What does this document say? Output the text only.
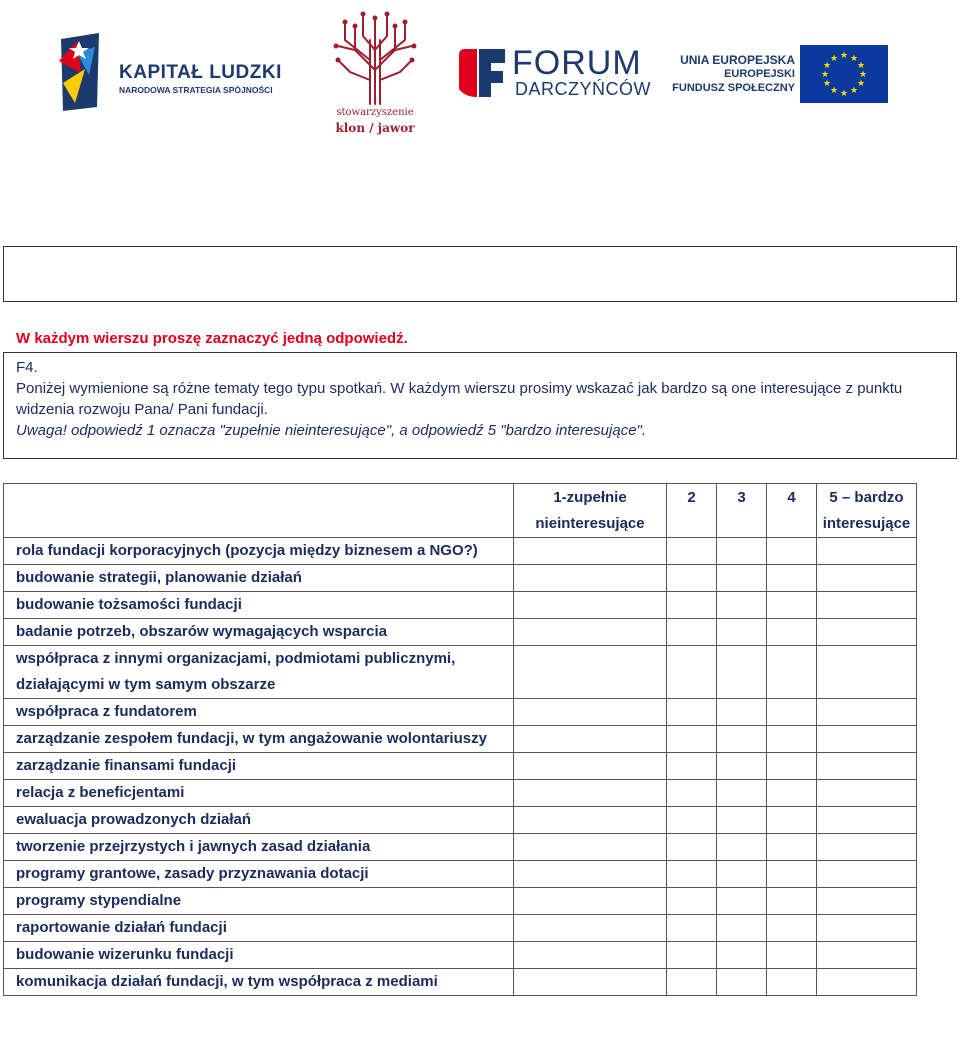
KAPITAŁ LUDZKI
NARODOWA STRATEGIA SPÓJNOŚCI
stowarzyszenie
klon / jawor
FORUM
DARCZYŃCÓW
UNIA EUROPEJSKA
EUROPEJSKI
FUNDUSZ SPOŁECZNY
★ ★
★
★
★
★
★
★
★
★
★
★
W każdym wierszu proszę zaznaczyć jedną odpowiedź.
F4.
Poniżej wymienione są różne tematy tego typu spotkań. W każdym wierszu prosimy wskazać jak bardzo są one interesujące z punktu widzenia rozwoju Pana/ Pani fundacji.
Uwaga! odpowiedź 1 oznacza "zupełnie nieinteresujące", a odpowiedź 5 "bardzo interesujące".
	1-zupełnie nieinteresujące	2	3	4	5 – bardzo interesujące
rola fundacji korporacyjnych (pozycja między biznesem a NGO?)					
budowanie strategii, planowanie działań					
budowanie tożsamości fundacji					
badanie potrzeb, obszarów wymagających wsparcia					
współpraca z innymi organizacjami, podmiotami publicznymi, działającymi w tym samym obszarze					
współpraca z fundatorem					
zarządzanie zespołem fundacji, w tym angażowanie wolontariuszy					
zarządzanie finansami fundacji					
relacja z beneficjentami					
ewaluacja prowadzonych działań					
tworzenie przejrzystych i jawnych zasad działania					
programy grantowe, zasady przyznawania dotacji					
programy stypendialne					
raportowanie działań fundacji					
budowanie wizerunku fundacji					
komunikacja działań fundacji, w tym współpraca z mediami					
